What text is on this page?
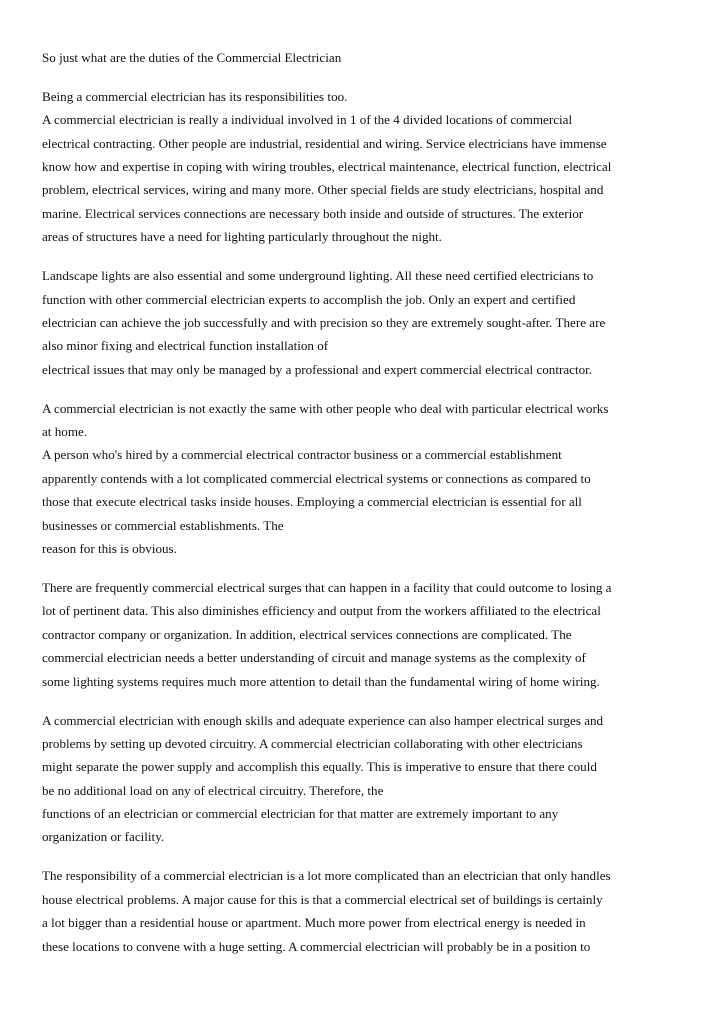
So just what are the duties of the Commercial Electrician
Being a commercial electrician has its responsibilities too.
A commercial electrician is really a individual involved in 1 of the 4 divided locations of commercial
electrical contracting. Other people are industrial, residential and wiring. Service electricians have immense
know how and expertise in coping with wiring troubles, electrical maintenance, electrical function, electrical
problem, electrical services, wiring and many more. Other special fields are study electricians, hospital and
marine. Electrical services connections are necessary both inside and outside of structures. The exterior
areas of structures have a need for lighting particularly throughout the night.
Landscape lights are also essential and some underground lighting. All these need certified electricians to
function with other commercial electrician experts to accomplish the job. Only an expert and certified
electrician can achieve the job successfully and with precision so they are extremely sought-after. There are
also minor fixing and electrical function installation of
electrical issues that may only be managed by a professional and expert commercial electrical contractor.
A commercial electrician is not exactly the same with other people who deal with particular electrical works
at home.
A person who's hired by a commercial electrical contractor business or a commercial establishment
apparently contends with a lot complicated commercial electrical systems or connections as compared to
those that execute electrical tasks inside houses. Employing a commercial electrician is essential for all
businesses or commercial establishments. The
reason for this is obvious.
There are frequently commercial electrical surges that can happen in a facility that could outcome to losing a
lot of pertinent data. This also diminishes efficiency and output from the workers affiliated to the electrical
contractor company or organization. In addition, electrical services connections are complicated. The
commercial electrician needs a better understanding of circuit and manage systems as the complexity of
some lighting systems requires much more attention to detail than the fundamental wiring of home wiring.
A commercial electrician with enough skills and adequate experience can also hamper electrical surges and
problems by setting up devoted circuitry. A commercial electrician collaborating with other electricians
might separate the power supply and accomplish this equally. This is imperative to ensure that there could
be no additional load on any of electrical circuitry. Therefore, the
functions of an electrician or commercial electrician for that matter are extremely important to any
organization or facility.
The responsibility of a commercial electrician is a lot more complicated than an electrician that only handles
house electrical problems. A major cause for this is that a commercial electrical set of buildings is certainly
a lot bigger than a residential house or apartment. Much more power from electrical energy is needed in
these locations to convene with a huge setting. A commercial electrician will probably be in a position to
